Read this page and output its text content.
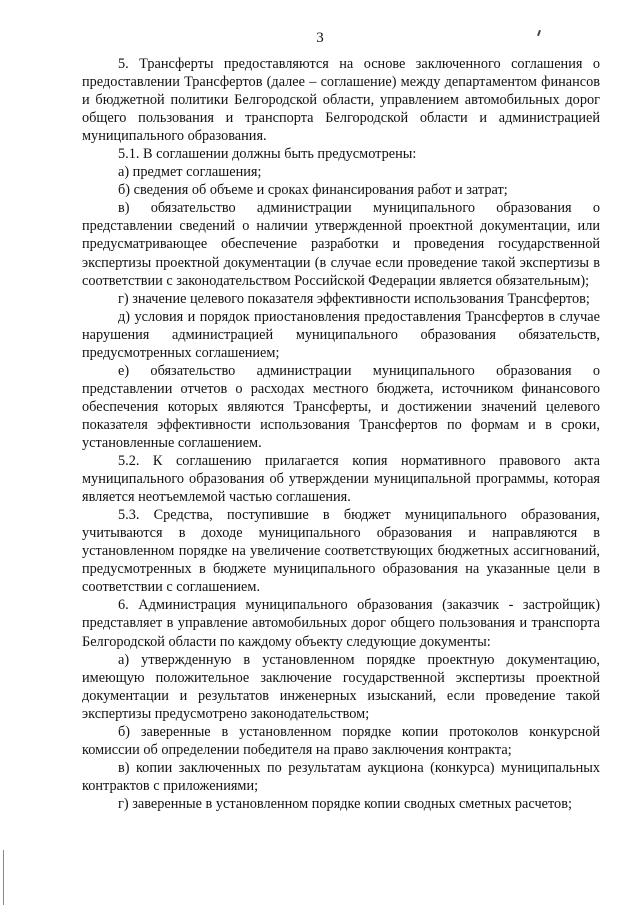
3

5. Трансферты предоставляются на основе заключенного соглашения о предоставлении Трансфертов (далее – соглашение) между департаментом финансов и бюджетной политики Белгородской области, управлением автомобильных дорог общего пользования и транспорта Белгородской области и администрацией муниципального образования.

5.1. В соглашении должны быть предусмотрены:

а) предмет соглашения;

б) сведения об объеме и сроках финансирования работ и затрат;

в) обязательство администрации муниципального образования о представлении сведений о наличии утвержденной проектной документации, или предусматривающее обеспечение разработки и проведения государственной экспертизы проектной документации (в случае если проведение такой экспертизы в соответствии с законодательством Российской Федерации является обязательным);

г) значение целевого показателя эффективности использования Трансфертов;

д) условия и порядок приостановления предоставления Трансфертов в случае нарушения администрацией муниципального образования обязательств, предусмотренных соглашением;

е) обязательство администрации муниципального образования о представлении отчетов о расходах местного бюджета, источником финансового обеспечения которых являются Трансферты, и достижении значений целевого показателя эффективности использования Трансфертов по формам и в сроки, установленные соглашением.

5.2. К соглашению прилагается копия нормативного правового акта муниципального образования об утверждении муниципальной программы, которая является неотъемлемой частью соглашения.

5.3. Средства, поступившие в бюджет муниципального образования, учитываются в доходе муниципального образования и направляются в установленном порядке на увеличение соответствующих бюджетных ассигнований, предусмотренных в бюджете муниципального образования на указанные цели в соответствии с соглашением.

6. Администрация муниципального образования (заказчик - застройщик) представляет в управление автомобильных дорог общего пользования и транспорта Белгородской области по каждому объекту следующие документы:

а) утвержденную в установленном порядке проектную документацию, имеющую положительное заключение государственной экспертизы проектной документации и результатов инженерных изысканий, если проведение такой экспертизы предусмотрено законодательством;

б) заверенные в установленном порядке копии протоколов конкурсной комиссии об определении победителя на право заключения контракта;

в) копии заключенных по результатам аукциона (конкурса) муниципальных контрактов с приложениями;

г) заверенные в установленном порядке копии сводных сметных расчетов;
